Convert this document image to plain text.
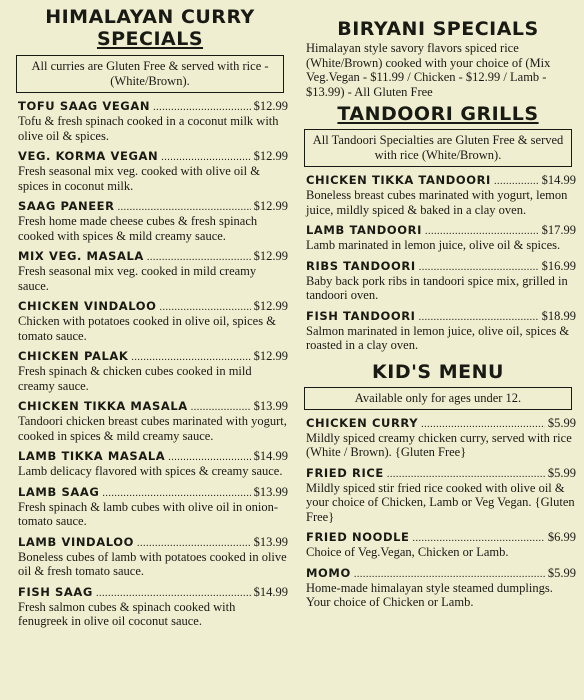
HIMALAYAN CURRY
SPECIALS
All curries are Gluten Free & served with rice - (White/Brown).
TOFU SAAG VEGAN .....	$12.99
Tofu & fresh spinach cooked in a coconut milk with olive oil & spices.
VEG. KORMA VEGAN .....	$12.99
Fresh seasonal mix veg. cooked with olive oil & spices in coconut milk.
SAAG PANEER .....	$12.99
Fresh home made cheese cubes & fresh spinach cooked with spices & mild creamy sauce.
MIX VEG. MASALA .....	$12.99
Fresh seasonal mix veg. cooked in mild creamy sauce.
CHICKEN VINDALOO .....	$12.99
Chicken with potatoes cooked in olive oil, spices & tomato sauce.
CHICKEN PALAK .....	$12.99
Fresh spinach & chicken cubes cooked in mild creamy sauce.
CHICKEN TIKKA MASALA .....	$13.99
Tandoori chicken breast cubes marinated with yogurt, cooked in spices & mild creamy sauce.
LAMB TIKKA MASALA .....	$14.99
Lamb delicacy flavored with spices & creamy sauce.
LAMB SAAG .....	$13.99
Fresh spinach & lamb cubes with olive oil in onion-tomato sauce.
LAMB VINDALOO .....	$13.99
Boneless cubes of lamb with potatoes cooked in olive oil & fresh tomato sauce.
FISH SAAG .....	$14.99
Fresh salmon cubes & spinach cooked with fenugreek in olive oil coconut sauce.
BIRYANI SPECIALS
Himalayan style savory flavors spiced rice (White/Brown) cooked with your choice of (Mix Veg.Vegan - $11.99 / Chicken - $12.99 / Lamb - $13.99) - All Gluten Free
TANDOORI GRILLS
All Tandoori Specialties are Gluten Free & served with rice (White/Brown).
CHICKEN TIKKA TANDOORI .....	$14.99
Boneless breast cubes marinated with yogurt, lemon juice, mildly spiced & baked in a clay oven.
LAMB TANDOORI .....	$17.99
Lamb marinated in lemon juice, olive oil & spices.
RIBS TANDOORI .....	$16.99
Baby back pork ribs in tandoori spice mix, grilled in tandoori oven.
FISH TANDOORI .....	$18.99
Salmon marinated in lemon juice, olive oil, spices & roasted in a clay oven.
KID'S MENU
Available only for ages under 12.
CHICKEN CURRY .....	$5.99
Mildly spiced creamy chicken curry, served with rice (White / Brown). {Gluten Free}
FRIED RICE .....	$5.99
Mildly spiced stir fried rice cooked with olive oil & your choice of Chicken, Lamb or Veg Vegan. {Gluten Free}
FRIED NOODLE .....	$6.99
Choice of Veg.Vegan, Chicken or Lamb.
MOMO .....	$5.99
Home-made himalayan style steamed dumplings. Your choice of Chicken or Lamb.
